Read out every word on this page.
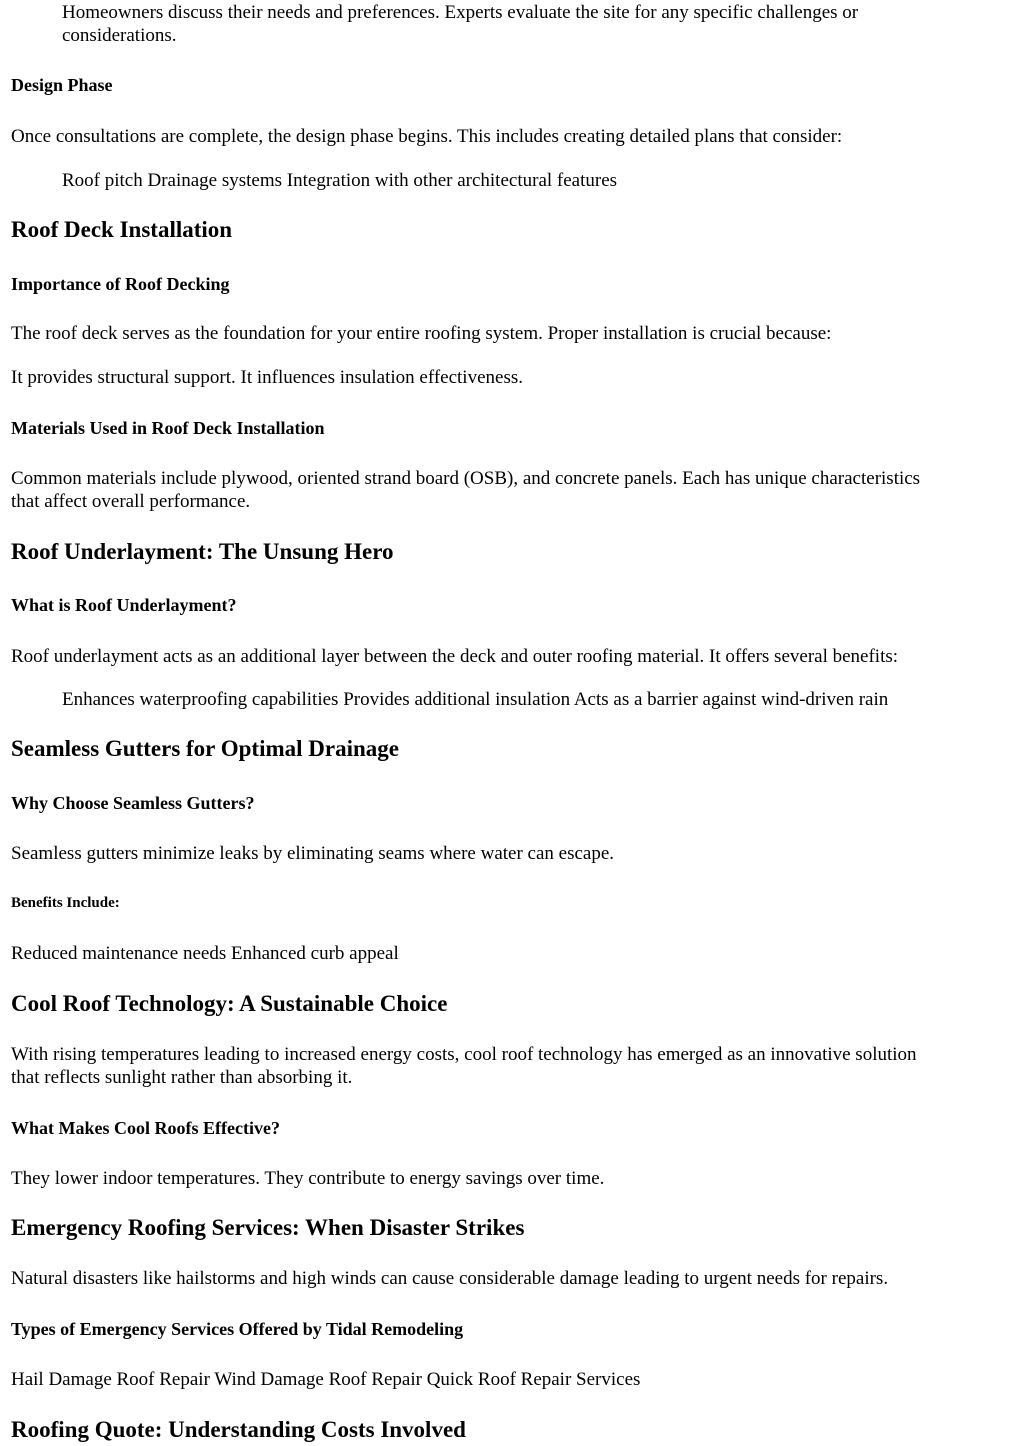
Homeowners discuss their needs and preferences. Experts evaluate the site for any specific challenges or
considerations.
Design Phase
Once consultations are complete, the design phase begins. This includes creating detailed plans that consider:
Roof pitch Drainage systems Integration with other architectural features
Roof Deck Installation
Importance of Roof Decking
The roof deck serves as the foundation for your entire roofing system. Proper installation is crucial because:
It provides structural support. It influences insulation effectiveness.
Materials Used in Roof Deck Installation
Common materials include plywood, oriented strand board (OSB), and concrete panels. Each has unique characteristics
that affect overall performance.
Roof Underlayment: The Unsung Hero
What is Roof Underlayment?
Roof underlayment acts as an additional layer between the deck and outer roofing material. It offers several benefits:
Enhances waterproofing capabilities Provides additional insulation Acts as a barrier against wind-driven rain
Seamless Gutters for Optimal Drainage
Why Choose Seamless Gutters?
Seamless gutters minimize leaks by eliminating seams where water can escape.
Benefits Include:
Reduced maintenance needs Enhanced curb appeal
Cool Roof Technology: A Sustainable Choice
With rising temperatures leading to increased energy costs, cool roof technology has emerged as an innovative solution
that reflects sunlight rather than absorbing it.
What Makes Cool Roofs Effective?
They lower indoor temperatures. They contribute to energy savings over time.
Emergency Roofing Services: When Disaster Strikes
Natural disasters like hailstorms and high winds can cause considerable damage leading to urgent needs for repairs.
Types of Emergency Services Offered by Tidal Remodeling
Hail Damage Roof Repair Wind Damage Roof Repair Quick Roof Repair Services
Roofing Quote: Understanding Costs Involved
